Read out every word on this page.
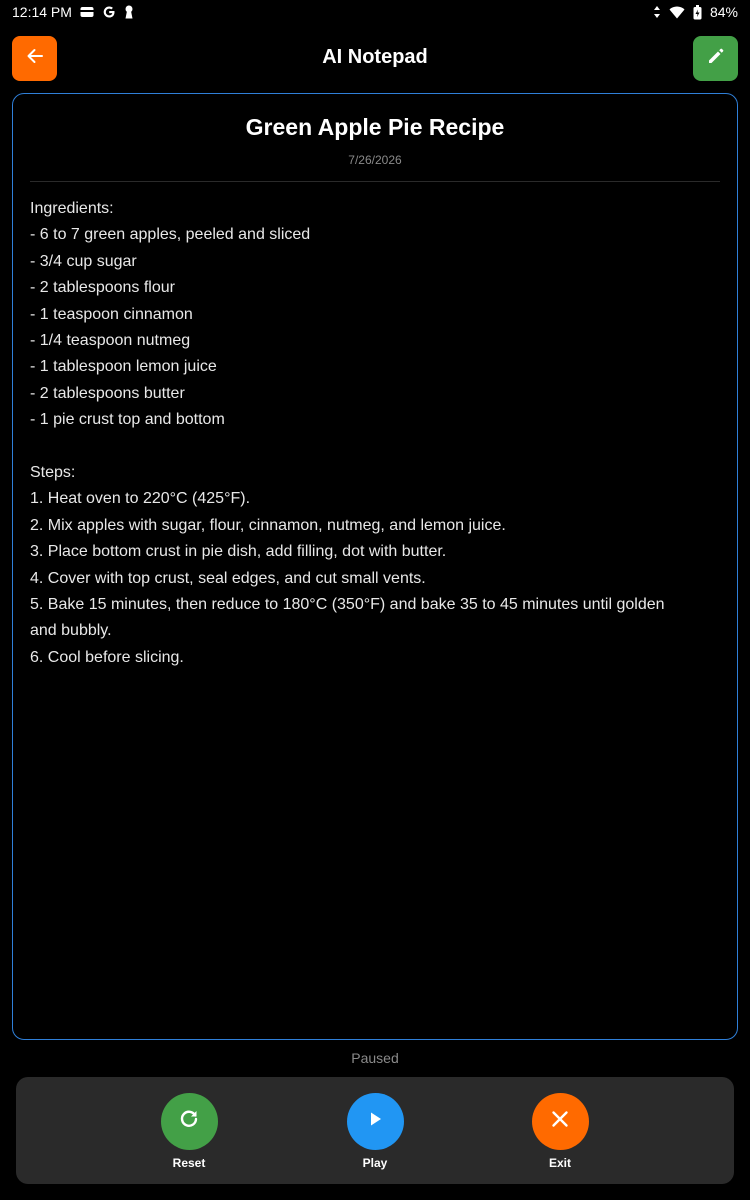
12:14 PM	84%
AI Notepad
Green Apple Pie Recipe
7/26/2026
Ingredients:
- 6 to 7 green apples, peeled and sliced
- 3/4 cup sugar
- 2 tablespoons flour
- 1 teaspoon cinnamon
- 1/4 teaspoon nutmeg
- 1 tablespoon lemon juice
- 2 tablespoons butter
- 1 pie crust top and bottom
Steps:
1. Heat oven to 220°C (425°F).
2. Mix apples with sugar, flour, cinnamon, nutmeg, and lemon juice.
3. Place bottom crust in pie dish, add filling, dot with butter.
4. Cover with top crust, seal edges, and cut small vents.
5. Bake 15 minutes, then reduce to 180°C (350°F) and bake 35 to 45 minutes until golden
and bubbly.
6. Cool before slicing.
Paused
Reset	Play	Exit
